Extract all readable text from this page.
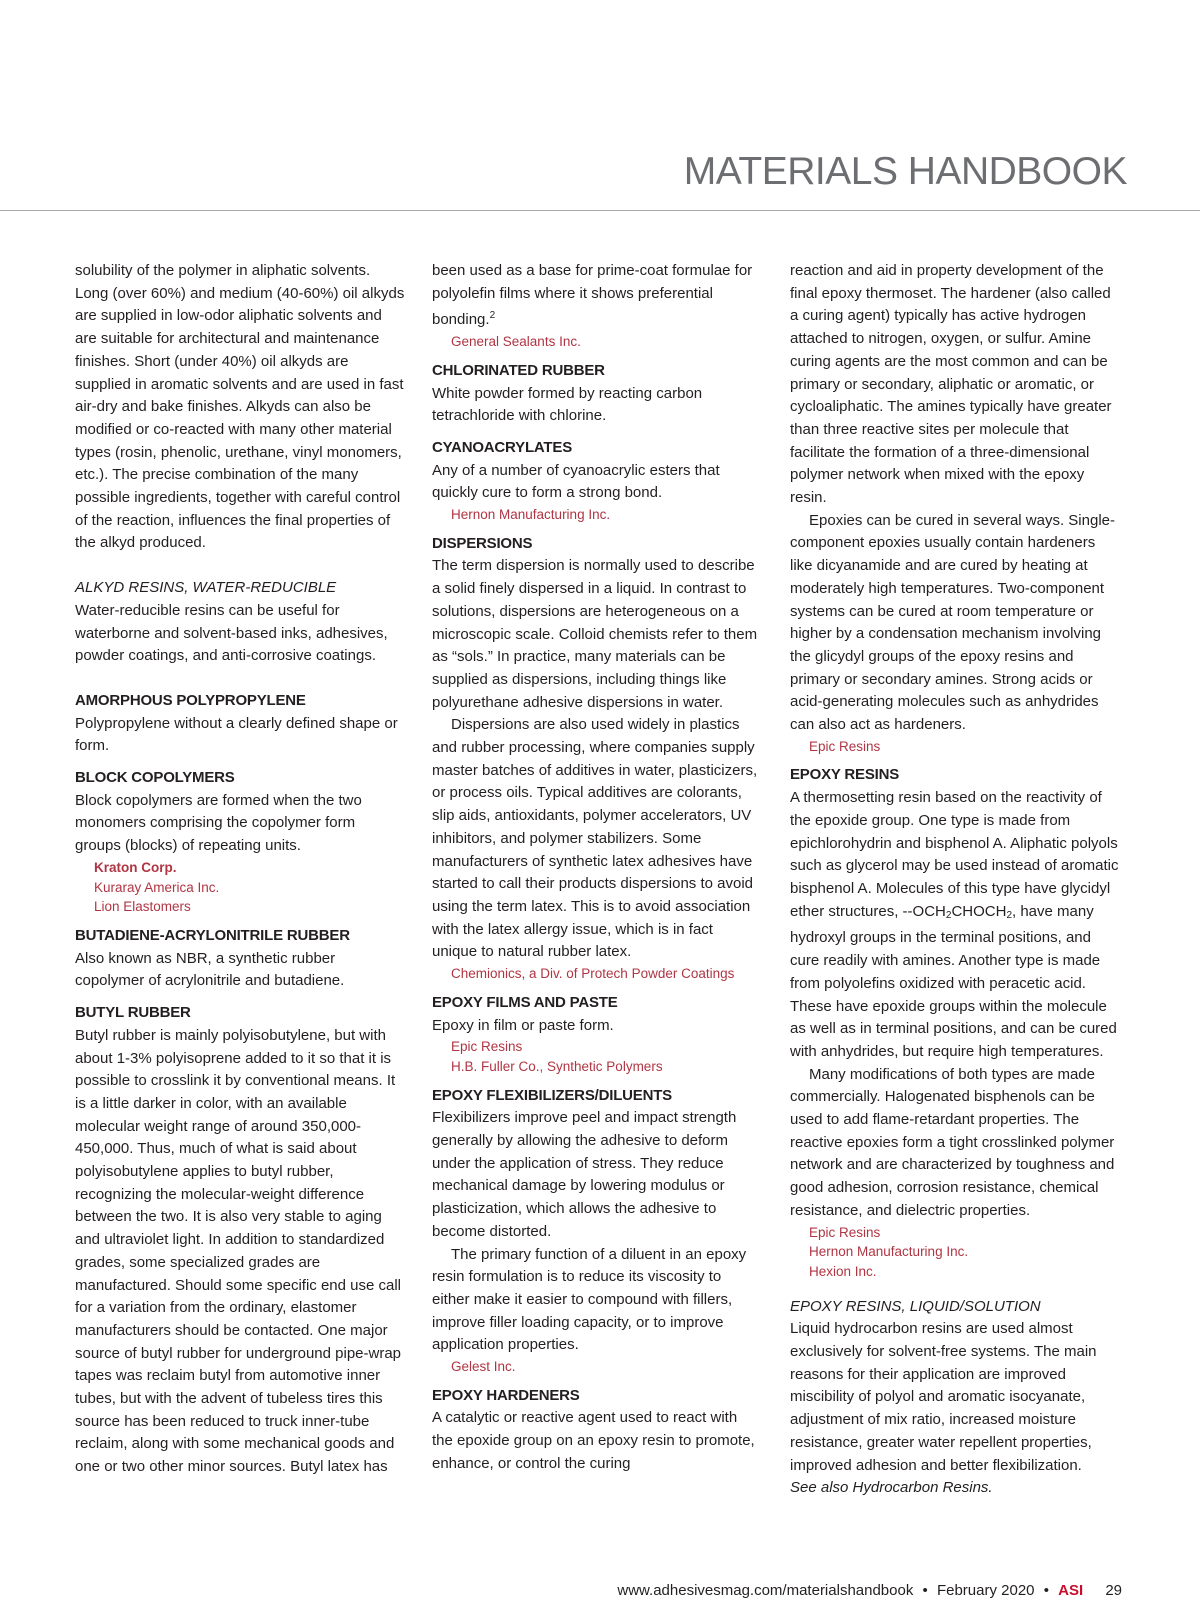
MATERIALS HANDBOOK

solubility of the polymer in aliphatic solvents. Long (over 60%) and medium (40-60%) oil alkyds are supplied in low-odor aliphatic solvents and are suitable for architectural and maintenance finishes. Short (under 40%) oil alkyds are supplied in aromatic solvents and are used in fast air-dry and bake finishes. Alkyds can also be modified or co-reacted with many other material types (rosin, phenolic, urethane, vinyl monomers, etc.). The precise combination of the many possible ingredients, together with careful control of the reaction, influences the final properties of the alkyd produced.

ALKYD RESINS, WATER-REDUCIBLE

Water-reducible resins can be useful for waterborne and solvent-based inks, adhesives, powder coatings, and anti-corrosive coatings.

AMORPHOUS POLYPROPYLENE

Polypropylene without a clearly defined shape or form.

BLOCK COPOLYMERS

Block copolymers are formed when the two monomers comprising the copolymer form groups (blocks) of repeating units.

Kraton Corp.
Kuraray America Inc.
Lion Elastomers

BUTADIENE-ACRYLONITRILE RUBBER

Also known as NBR, a synthetic rubber copolymer of acrylonitrile and butadiene.

BUTYL RUBBER

Butyl rubber is mainly polyisobutylene, but with about 1-3% polyisoprene added to it so that it is possible to crosslink it by conventional means. It is a little darker in color, with an available molecular weight range of around 350,000-450,000. Thus, much of what is said about polyisobutylene applies to butyl rubber, recognizing the molecular-weight difference between the two. It is also very stable to aging and ultraviolet light. In addition to standardized grades, some specialized grades are manufactured. Should some specific end use call for a variation from the ordinary, elastomer manufacturers should be contacted. One major source of butyl rubber for underground pipe-wrap tapes was reclaim butyl from automotive inner tubes, but with the advent of tubeless tires this source has been reduced to truck inner-tube reclaim, along with some mechanical goods and one or two other minor sources. Butyl latex has

been used as a base for prime-coat formulae for polyolefin films where it shows preferential bonding.$^2$

General Sealants Inc.

CHLORINATED RUBBER

White powder formed by reacting carbon tetrachloride with chlorine.

CYANOACRYLATES

Any of a number of cyanoacrylic esters that quickly cure to form a strong bond.

Hernon Manufacturing Inc.

DISPERSIONS

The term dispersion is normally used to describe a solid finely dispersed in a liquid. In contrast to solutions, dispersions are heterogeneous on a microscopic scale. Colloid chemists refer to them as “sols.” In practice, many materials can be supplied as dispersions, including things like polyurethane adhesive dispersions in water.

Dispersions are also used widely in plastics and rubber processing, where companies supply master batches of additives in water, plasticizers, or process oils. Typical additives are colorants, slip aids, antioxidants, polymer accelerators, UV inhibitors, and polymer stabilizers. Some manufacturers of synthetic latex adhesives have started to call their products dispersions to avoid using the term latex. This is to avoid association with the latex allergy issue, which is in fact unique to natural rubber latex.

Chemionics, a Div. of Protech Powder Coatings

EPOXY FILMS AND PASTE

Epoxy in film or paste form.

Epic Resins
H.B. Fuller Co., Synthetic Polymers

EPOXY FLEXIBILIZERS/DILUENTS

Flexibilizers improve peel and impact strength generally by allowing the adhesive to deform under the application of stress. They reduce mechanical damage by lowering modulus or plasticization, which allows the adhesive to become distorted.

The primary function of a diluent in an epoxy resin formulation is to reduce its viscosity to either make it easier to compound with fillers, improve filler loading capacity, or to improve application properties.

Gelest Inc.

EPOXY HARDENERS

A catalytic or reactive agent used to react with the epoxide group on an epoxy resin to promote, enhance, or control the curing

reaction and aid in property development of the final epoxy thermoset. The hardener (also called a curing agent) typically has active hydrogen attached to nitrogen, oxygen, or sulfur. Amine curing agents are the most common and can be primary or secondary, aliphatic or aromatic, or cycloaliphatic. The amines typically have greater than three reactive sites per molecule that facilitate the formation of a three-dimensional polymer network when mixed with the epoxy resin.

Epoxies can be cured in several ways. Single-component epoxies usually contain hardeners like dicyanamide and are cured by heating at moderately high temperatures. Two-component systems can be cured at room temperature or higher by a condensation mechanism involving the glicydyl groups of the epoxy resins and primary or secondary amines. Strong acids or acid-generating molecules such as anhydrides can also act as hardeners.

Epic Resins

EPOXY RESINS

A thermosetting resin based on the reactivity of the epoxide group. One type is made from epichlorohydrin and bisphenol A. Aliphatic polyols such as glycerol may be used instead of aromatic bisphenol A. Molecules of this type have glycidyl ether structures, $--OCH_2CHOCH_2$, have many hydroxyl groups in the terminal positions, and cure readily with amines. Another type is made from polyolefins oxidized with peracetic acid. These have epoxide groups within the molecule as well as in terminal positions, and can be cured with anhydrides, but require high temperatures.

Many modifications of both types are made commercially. Halogenated bisphenols can be used to add flame-retardant properties. The reactive epoxies form a tight crosslinked polymer network and are characterized by toughness and good adhesion, corrosion resistance, chemical resistance, and dielectric properties.

Epic Resins
Hernon Manufacturing Inc.
Hexion Inc.

EPOXY RESINS, LIQUID/SOLUTION

Liquid hydrocarbon resins are used almost exclusively for solvent-free systems. The main reasons for their application are improved miscibility of polyol and aromatic isocyanate, adjustment of mix ratio, increased moisture resistance, greater water repellent properties, improved adhesion and better flexibilization.

See also Hydrocarbon Resins.

www.adhesivesmag.com/materialshandbook • February 2020 • ASI 29
